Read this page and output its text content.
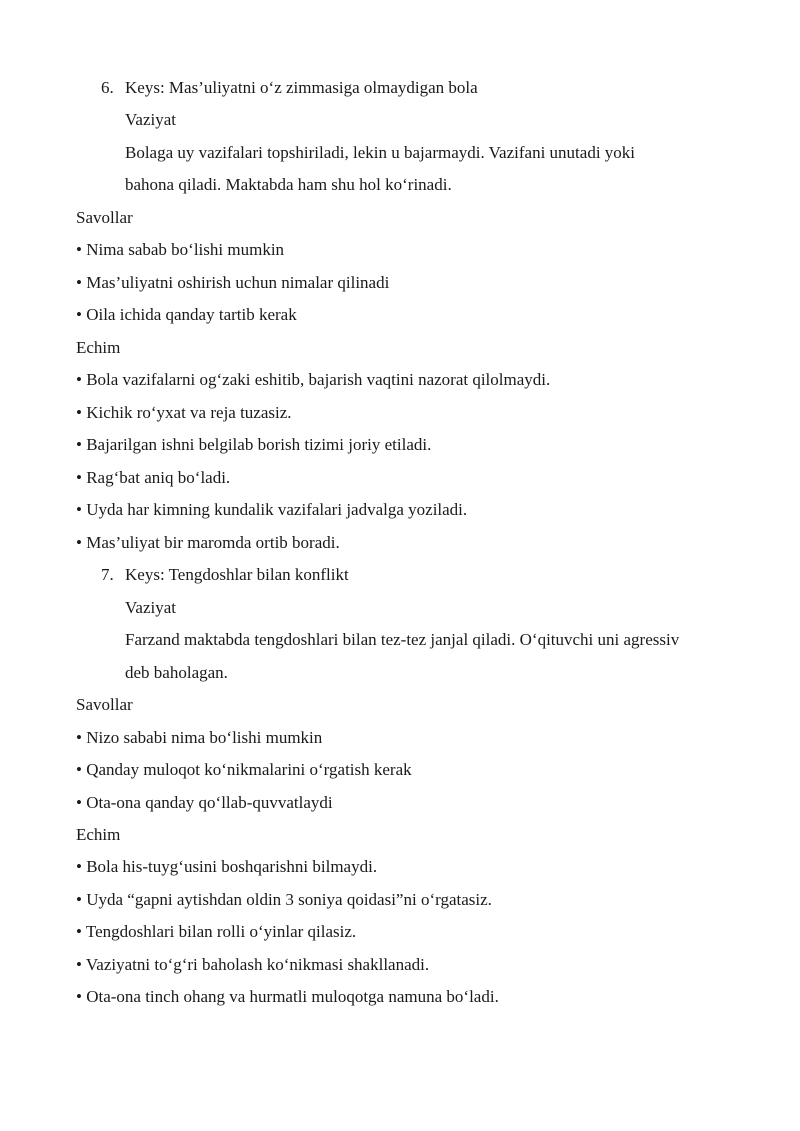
6. Keys: Mas’uliyatni o‘z zimmasiga olmaydigan bola
Vaziyat
Bolaga uy vazifalari topshiriladi, lekin u bajarmaydi. Vazifani unutadi yoki
bahona qiladi. Maktabda ham shu hol ko‘rinadi.
Savollar
• Nima sabab bo‘lishi mumkin
• Mas’uliyatni oshirish uchun nimalar qilinadi
• Oila ichida qanday tartib kerak
Echim
• Bola vazifalarni og‘zaki eshitib, bajarish vaqtini nazorat qilolmaydi.
• Kichik ro‘yxat va reja tuzasiz.
• Bajarilgan ishni belgilab borish tizimi joriy etiladi.
• Rag‘bat aniq bo‘ladi.
• Uyda har kimning kundalik vazifalari jadvalga yoziladi.
• Mas’uliyat bir maromda ortib boradi.
7. Keys: Tengdoshlar bilan konflikt
Vaziyat
Farzand maktabda tengdoshlari bilan tez-tez janjal qiladi. O‘qituvchi uni agressiv
deb baholagan.
Savollar
• Nizo sababi nima bo‘lishi mumkin
• Qanday muloqot ko‘nikmalarini o‘rgatish kerak
• Ota-ona qanday qo‘llab-quvvatlaydi
Echim
• Bola his-tuyg‘usini boshqarishni bilmaydi.
• Uyda “gapni aytishdan oldin 3 soniya qoidasi”ni o‘rgatasiz.
• Tengdoshlari bilan rolli o‘yinlar qilasiz.
• Vaziyatni to‘g‘ri baholash ko‘nikmasi shakllanadi.
• Ota-ona tinch ohang va hurmatli muloqotga namuna bo‘ladi.
